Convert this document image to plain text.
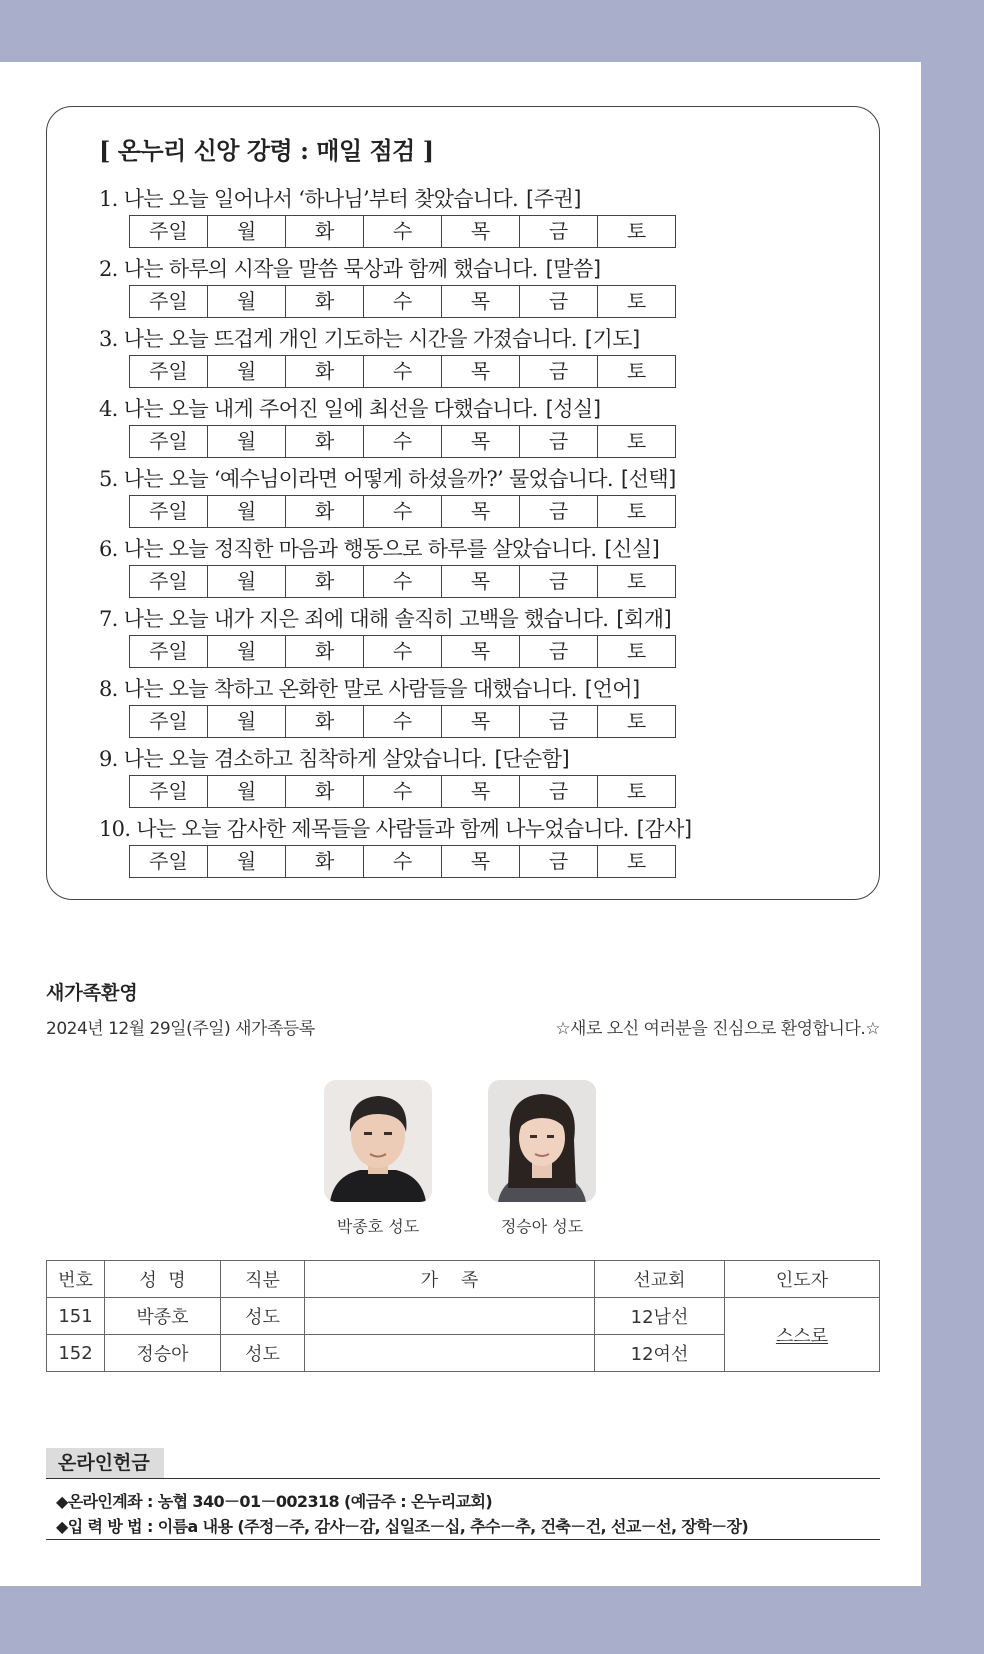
[ 온누리 신앙 강령 : 매일 점검 ]
1. 나는 오늘 일어나서 ‘하나님’부터 찾았습니다. [주권]
주일	월	화	수	목	금	토
2. 나는 하루의 시작을 말씀 묵상과 함께 했습니다. [말씀]
주일	월	화	수	목	금	토
3. 나는 오늘 뜨겁게 개인 기도하는 시간을 가졌습니다. [기도]
주일	월	화	수	목	금	토
4. 나는 오늘 내게 주어진 일에 최선을 다했습니다. [성실]
주일	월	화	수	목	금	토
5. 나는 오늘 ‘예수님이라면 어떻게 하셨을까?’ 물었습니다. [선택]
주일	월	화	수	목	금	토
6. 나는 오늘 정직한 마음과 행동으로 하루를 살았습니다. [신실]
주일	월	화	수	목	금	토
7. 나는 오늘 내가 지은 죄에 대해 솔직히 고백을 했습니다. [회개]
주일	월	화	수	목	금	토
8. 나는 오늘 착하고 온화한 말로 사람들을 대했습니다. [언어]
주일	월	화	수	목	금	토
9. 나는 오늘 겸소하고 침착하게 살았습니다. [단순함]
주일	월	화	수	목	금	토
10. 나는 오늘 감사한 제목들을 사람들과 함께 나누었습니다. [감사]
주일	월	화	수	목	금	토
새가족환영
2024년 12월 29일(주일) 새가족등록	☆새로 오신 여러분을 진심으로 환영합니다.☆
박종호 성도	정승아 성도
번호	성  명	직분	가    족	선교회	인도자
151	박종호	성도		12남선	스스로
152	정승아	성도		12여선	
온라인헌금
◆온라인계좌 : 농협 340－01－002318 (예금주 : 온누리교회)
◆입 력 방 법 : 이름a 내용 (주정－주, 감사－감, 십일조－십, 추수－추, 건축－건, 선교－선, 장학－장)
